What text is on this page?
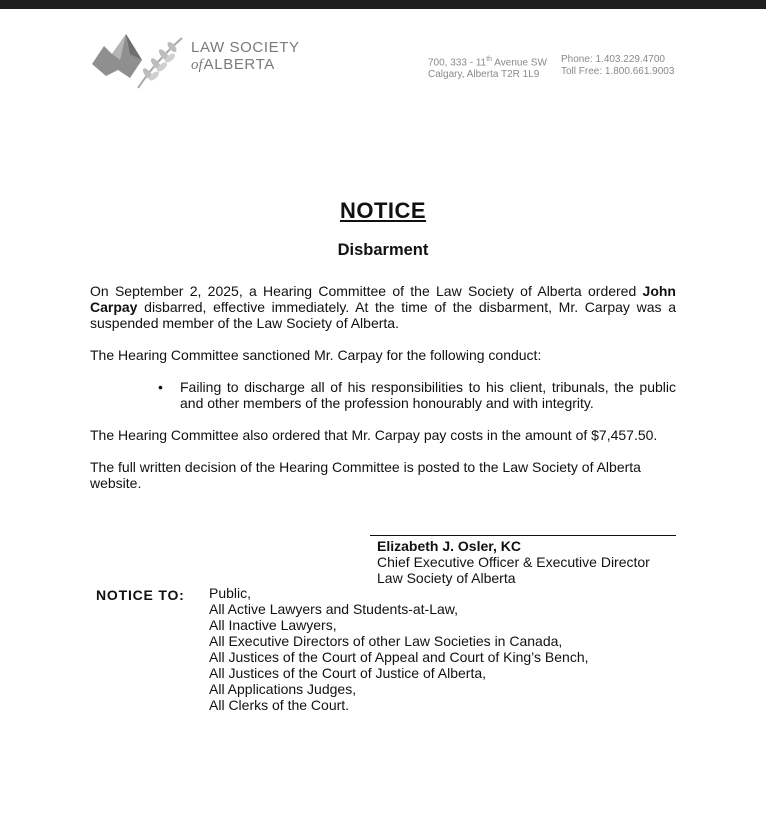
LAW SOCIETY
ofALBERTA	700, 333 - 11th Avenue SW
Calgary, Alberta T2R 1L9
Phone: 1.403.229.4700
Toll Free: 1.800.661.9003
NOTICE
Disbarment
On September 2, 2025, a Hearing Committee of the Law Society of Alberta ordered John Carpay disbarred, effective immediately. At the time of the disbarment, Mr. Carpay was a suspended member of the Law Society of Alberta.
The Hearing Committee sanctioned Mr. Carpay for the following conduct:
• Failing to discharge all of his responsibilities to his client, tribunals, the public and other members of the profession honourably and with integrity.
The Hearing Committee also ordered that Mr. Carpay pay costs in the amount of $7,457.50.
The full written decision of the Hearing Committee is posted to the Law Society of Alberta website.
Elizabeth J. Osler, KC
Chief Executive Officer & Executive Director
Law Society of Alberta
NOTICE TO: Public,
All Active Lawyers and Students-at-Law,
All Inactive Lawyers,
All Executive Directors of other Law Societies in Canada,
All Justices of the Court of Appeal and Court of King’s Bench,
All Justices of the Court of Justice of Alberta,
All Applications Judges,
All Clerks of the Court.
